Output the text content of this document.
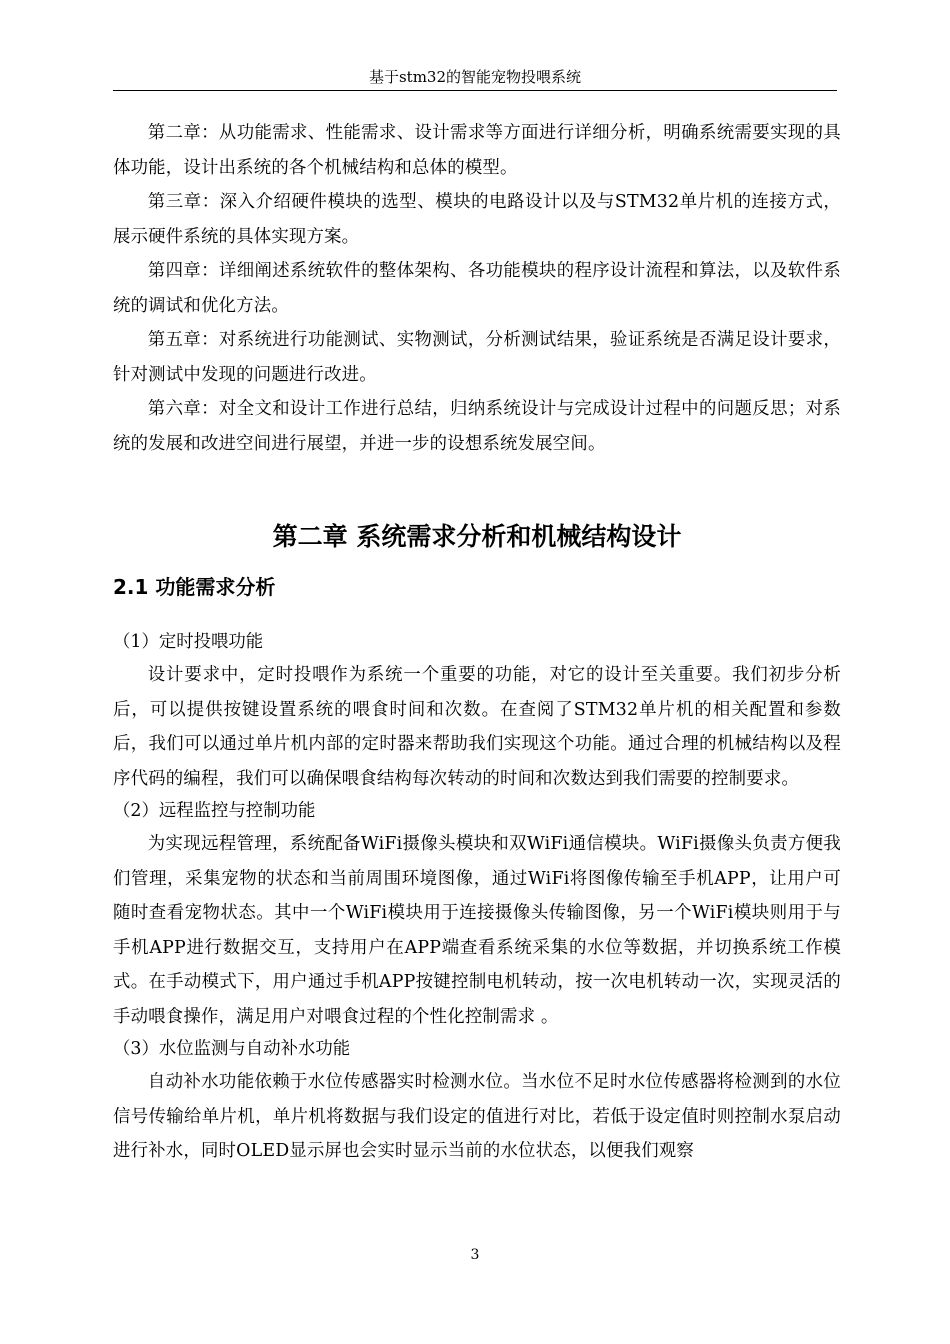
基于stm32的智能宠物投喂系统

第二章：从功能需求、性能需求、设计需求等方面进行详细分析，明确系统需要实现的具体功能，设计出系统的各个机械结构和总体的模型。

第三章：深入介绍硬件模块的选型、模块的电路设计以及与STM32单片机的连接方式，展示硬件系统的具体实现方案。

第四章：详细阐述系统软件的整体架构、各功能模块的程序设计流程和算法，以及软件系统的调试和优化方法。

第五章：对系统进行功能测试、实物测试，分析测试结果，验证系统是否满足设计要求，针对测试中发现的问题进行改进。

第六章：对全文和设计工作进行总结，归纳系统设计与完成设计过程中的问题反思；对系统的发展和改进空间进行展望，并进一步的设想系统发展空间。

第二章 系统需求分析和机械结构设计
2.1 功能需求分析

（1）定时投喂功能

设计要求中，定时投喂作为系统一个重要的功能，对它的设计至关重要。我们初步分析后，可以提供按键设置系统的喂食时间和次数。在查阅了STM32单片机的相关配置和参数后，我们可以通过单片机内部的定时器来帮助我们实现这个功能。通过合理的机械结构以及程序代码的编程，我们可以确保喂食结构每次转动的时间和次数达到我们需要的控制要求。

（2）远程监控与控制功能

为实现远程管理，系统配备WiFi摄像头模块和双WiFi通信模块。WiFi摄像头负责方便我们管理，采集宠物的状态和当前周围环境图像，通过WiFi将图像传输至手机APP，让用户可随时查看宠物状态。其中一个WiFi模块用于连接摄像头传输图像，另一个WiFi模块则用于与手机APP进行数据交互，支持用户在APP端查看系统采集的水位等数据，并切换系统工作模式。在手动模式下，用户通过手机APP按键控制电机转动，按一次电机转动一次，实现灵活的手动喂食操作，满足用户对喂食过程的个性化控制需求 。

（3）水位监测与自动补水功能

自动补水功能依赖于水位传感器实时检测水位。当水位不足时水位传感器将检测到的水位信号传输给单片机，单片机将数据与我们设定的值进行对比，若低于设定值时则控制水泵启动进行补水，同时OLED显示屏也会实时显示当前的水位状态，以便我们观察

3
